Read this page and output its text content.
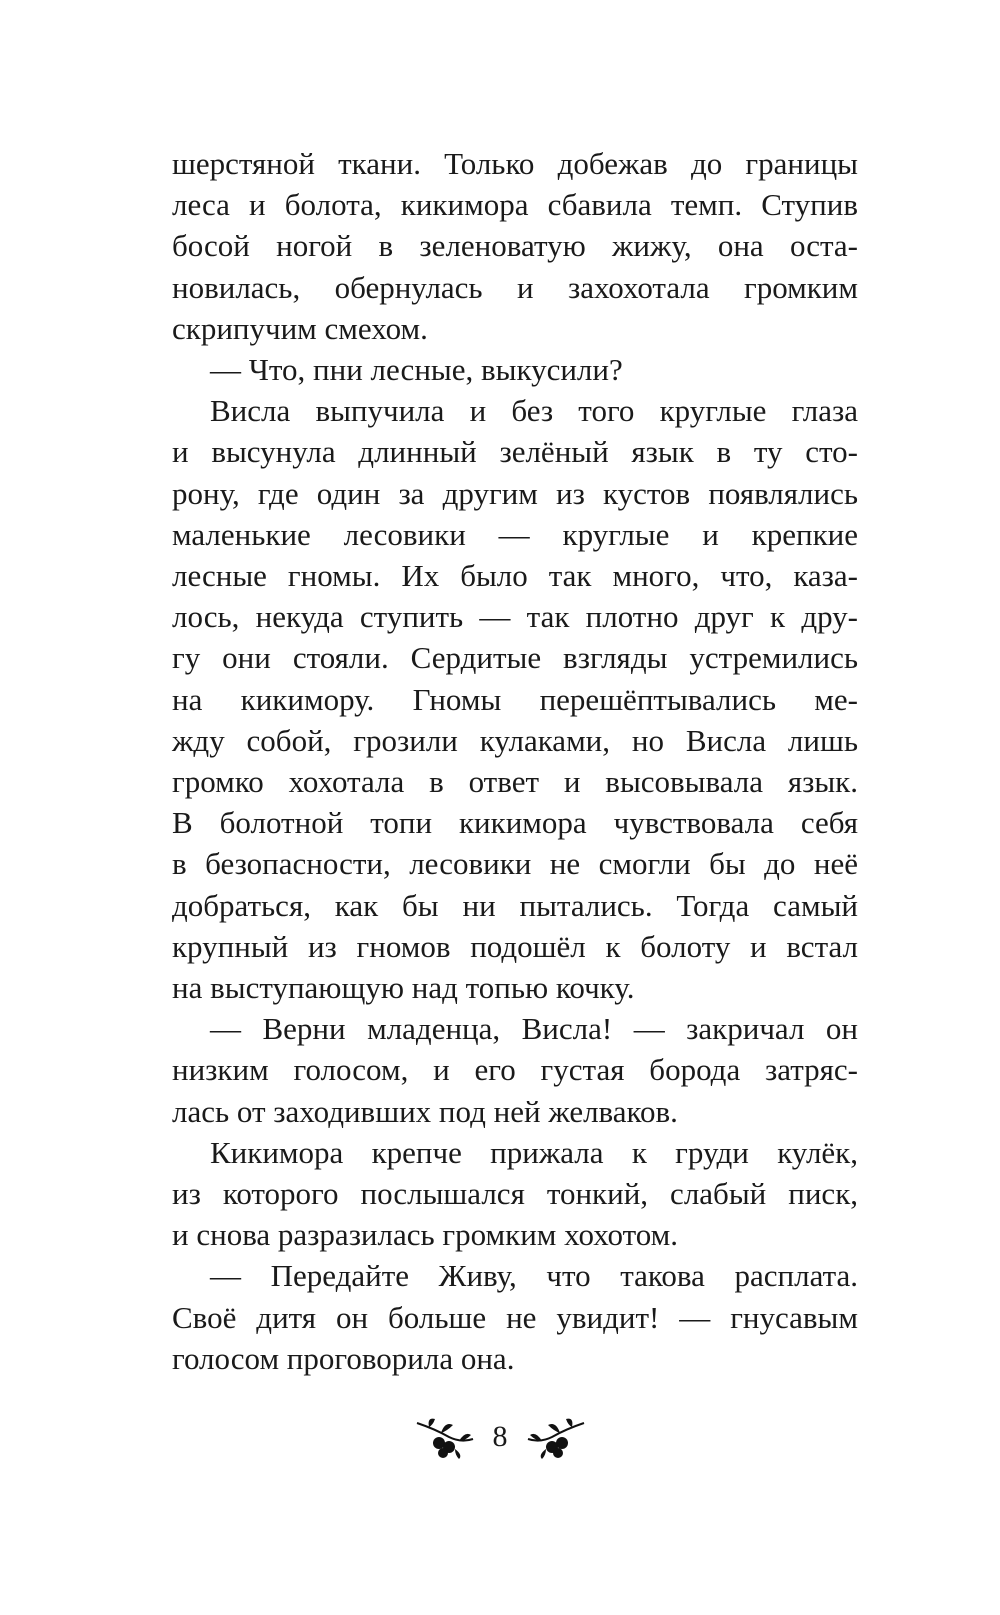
шерстяной ткани. Только добежав до границы
леса и болота, кикимора сбавила темп. Ступив
босой ногой в зеленоватую жижу, она оста-
новилась, обернулась и захохотала громким
скрипучим смехом.
— Что, пни лесные, выкусили?
Висла выпучила и без того круглые глаза
и высунула длинный зелёный язык в ту сто-
рону, где один за другим из кустов появлялись
маленькие лесовики — круглые и крепкие
лесные гномы. Их было так много, что, каза-
лось, некуда ступить — так плотно друг к дру-
гу они стояли. Сердитые взгляды устремились
на кикимору. Гномы перешёптывались ме-
жду собой, грозили кулаками, но Висла лишь
громко хохотала в ответ и высовывала язык.
В болотной топи кикимора чувствовала себя
в безопасности, лесовики не смогли бы до неё
добраться, как бы ни пытались. Тогда самый
крупный из гномов подошёл к болоту и встал
на выступающую над топью кочку.
— Верни младенца, Висла! — закричал он
низким голосом, и его густая борода затряс-
лась от заходивших под ней желваков.
Кикимора крепче прижала к груди кулёк,
из которого послышался тонкий, слабый писк,
и снова разразилась громким хохотом.
— Передайте Живу, что такова расплата.
Своё дитя он больше не увидит! — гнусавым
голосом проговорила она.
8
